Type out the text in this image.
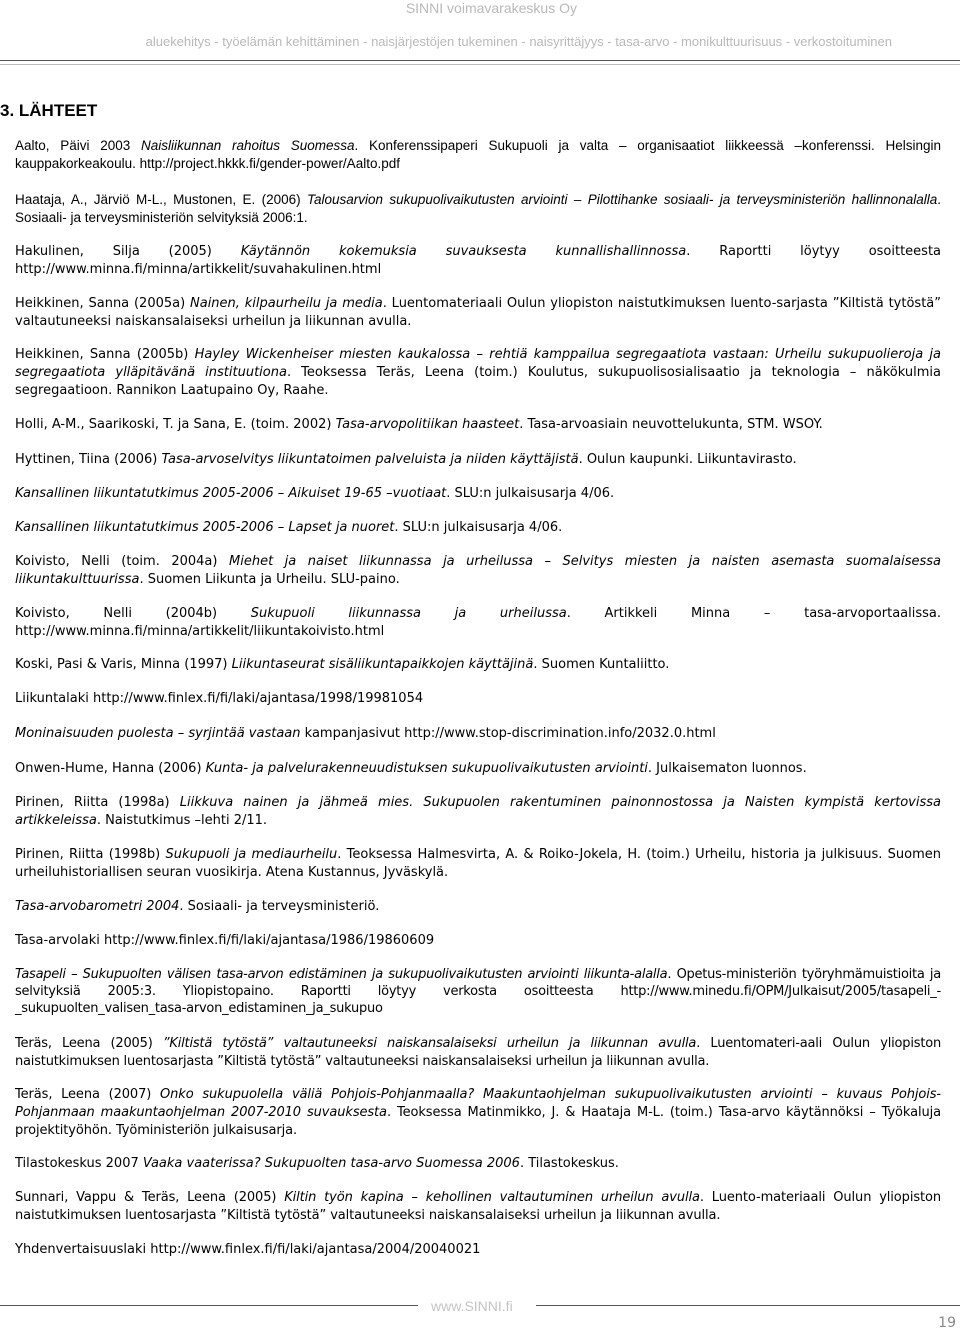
SINNI voimavarakeskus Oy
aluekehitys - työelämän kehittäminen - naisjärjestöjen tukeminen - naisyrittäjyys - tasa-arvo - monikulttuurisuus - verkostoituminen
3. LÄHTEET
Aalto, Päivi 2003 Naisliikunnan rahoitus Suomessa. Konferenssipaperi Sukupuoli ja valta – organisaatiot liikkeessä –konferenssi. Helsingin kauppakorkeakoulu. http://project.hkkk.fi/gender-power/Aalto.pdf
Haataja, A., Järviö M-L., Mustonen, E. (2006) Talousarvion sukupuolivaikutusten arviointi – Pilottihanke sosiaali- ja terveysministeriön hallinnonalalla. Sosiaali- ja terveysministeriön selvityksiä 2006:1.
Hakulinen, Silja (2005) Käytännön kokemuksia suvauksesta kunnallishallinnossa. Raportti löytyy osoitteesta http://www.minna.fi/minna/artikkelit/suvahakulinen.html
Heikkinen, Sanna (2005a) Nainen, kilpaurheilu ja media. Luentomateriaali Oulun yliopiston naistutkimuksen luento-sarjasta ”Kiltistä tytöstä” valtautuneeksi naiskansalaiseksi urheilun ja liikunnan avulla.
Heikkinen, Sanna (2005b) Hayley Wickenheiser miesten kaukalossa – rehtiä kamppailua segregaatiota vastaan: Urheilu sukupuolieroja ja segregaatiota ylläpitävänä instituutiona. Teoksessa Teräs, Leena (toim.) Koulutus, sukupuolisosialisaatio ja teknologia – näkökulmia segregaatioon. Rannikon Laatupaino Oy, Raahe.
Holli, A-M., Saarikoski, T. ja Sana, E. (toim. 2002) Tasa-arvopolitiikan haasteet. Tasa-arvoasiain neuvottelukunta, STM. WSOY.
Hyttinen, Tiina (2006) Tasa-arvoselvitys liikuntatoimen palveluista ja niiden käyttäjistä. Oulun kaupunki. Liikuntavirasto.
Kansallinen liikuntatutkimus 2005-2006 – Aikuiset 19-65 –vuotiaat. SLU:n julkaisusarja 4/06.
Kansallinen liikuntatutkimus 2005-2006 – Lapset ja nuoret. SLU:n julkaisusarja 4/06.
Koivisto, Nelli (toim. 2004a) Miehet ja naiset liikunnassa ja urheilussa – Selvitys miesten ja naisten asemasta suomalaisessa liikuntakulttuurissa. Suomen Liikunta ja Urheilu. SLU-paino.
Koivisto, Nelli (2004b) Sukupuoli liikunnassa ja urheilussa. Artikkeli Minna – tasa-arvoportaalissa. http://www.minna.fi/minna/artikkelit/liikuntakoivisto.html
Koski, Pasi & Varis, Minna (1997) Liikuntaseurat sisäliikuntapaikkojen käyttäjinä. Suomen Kuntaliitto.
Liikuntalaki http://www.finlex.fi/fi/laki/ajantasa/1998/19981054
Moninaisuuden puolesta – syrjintää vastaan kampanjasivut http://www.stop-discrimination.info/2032.0.html
Onwen-Hume, Hanna (2006) Kunta- ja palvelurakenneuudistuksen sukupuolivaikutusten arviointi. Julkaisematon luonnos.
Pirinen, Riitta (1998a) Liikkuva nainen ja jähmeä mies. Sukupuolen rakentuminen painonnostossa ja Naisten kympistä kertovissa artikkeleissa. Naistutkimus –lehti 2/11.
Pirinen, Riitta (1998b) Sukupuoli ja mediaurheilu. Teoksessa Halmesvirta, A. & Roiko-Jokela, H. (toim.) Urheilu, historia ja julkisuus. Suomen urheiluhistoriallisen seuran vuosikirja. Atena Kustannus, Jyväskylä.
Tasa-arvobarometri 2004. Sosiaali- ja terveysministeriö.
Tasa-arvolaki http://www.finlex.fi/fi/laki/ajantasa/1986/19860609
Tasapeli – Sukupuolten välisen tasa-arvon edistäminen ja sukupuolivaikutusten arviointi liikunta-alalla. Opetus-ministeriön työryhmämuistioita ja selvityksiä 2005:3. Yliopistopaino. Raportti löytyy verkosta osoitteesta http://www.minedu.fi/OPM/Julkaisut/2005/tasapeli_-_sukupuolten_valisen_tasa-arvon_edistaminen_ja_sukupuo
Teräs, Leena (2005) ”Kiltistä tytöstä” valtautuneeksi naiskansalaiseksi urheilun ja liikunnan avulla. Luentomateri-aali Oulun yliopiston naistutkimuksen luentosarjasta ”Kiltistä tytöstä” valtautuneeksi naiskansalaiseksi urheilun ja liikunnan avulla.
Teräs, Leena (2007) Onko sukupuolella väliä Pohjois-Pohjanmaalla? Maakuntaohjelman sukupuolivaikutusten arviointi – kuvaus Pohjois-Pohjanmaan maakuntaohjelman 2007-2010 suvauksesta. Teoksessa Matinmikko, J. & Haataja M-L. (toim.) Tasa-arvo käytännöksi – Työkaluja projektityöhön. Työministeriön julkaisusarja.
Tilastokeskus 2007 Vaaka vaaterissa? Sukupuolten tasa-arvo Suomessa 2006. Tilastokeskus.
Sunnari, Vappu & Teräs, Leena (2005) Kiltin työn kapina – kehollinen valtautuminen urheilun avulla. Luento-materiaali Oulun yliopiston naistutkimuksen luentosarjasta ”Kiltistä tytöstä” valtautuneeksi naiskansalaiseksi urheilun ja liikunnan avulla.
Yhdenvertaisuuslaki http://www.finlex.fi/fi/laki/ajantasa/2004/20040021
www.SINNI.fi
19
